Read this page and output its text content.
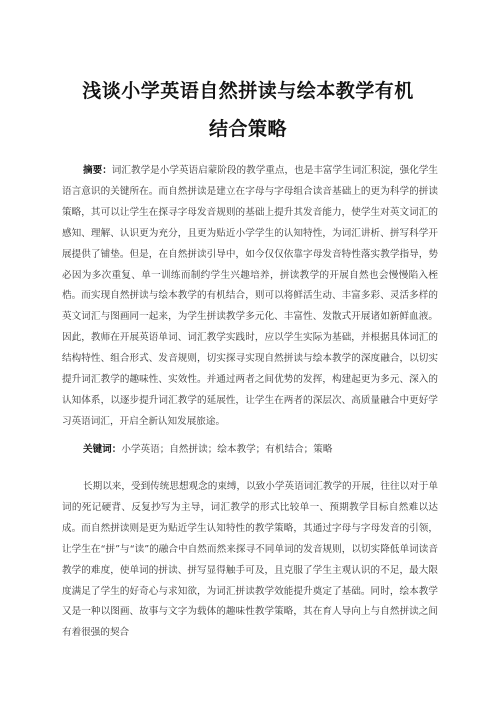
浅谈小学英语自然拼读与绘本教学有机
结合策略

摘要：词汇教学是小学英语启蒙阶段的教学重点，也是丰富学生词汇积淀，强化学生语言意识的关键所在。而自然拼读是建立在字母与字母组合读音基础上的更为科学的拼读策略，其可以让学生在探寻字母发音规则的基础上提升其发音能力，使学生对英文词汇的感知、理解、认识更为充分，且更为贴近小学学生的认知特性，为词汇讲析、拼写科学开展提供了铺垫。但是，在自然拼读引导中，如今仅仅依靠字母发音特性落实教学指导，势必因为多次重复、单一训练而制约学生兴趣培养，拼读教学的开展自然也会慢慢陷入桎梏。而实现自然拼读与绘本教学的有机结合，则可以将鲜活生动、丰富多彩、灵活多样的英文词汇与图画同一起来，为学生拼读教学多元化、丰富性、发散式开展诸如新鲜血液。因此，教师在开展英语单词、词汇教学实践时，应以学生实际为基础，并根据具体词汇的结构特性、组合形式、发音规则，切实探寻实现自然拼读与绘本教学的深度融合，以切实提升词汇教学的趣味性、实效性。并通过两者之间优势的发挥，构建起更为多元、深入的认知体系，以逐步提升词汇教学的延展性，让学生在两者的深层次、高质量融合中更好学习英语词汇，开启全新认知发展旅途。

关键词：小学英语；自然拼读；绘本教学；有机结合；策略

长期以来，受到传统思想观念的束缚，以致小学英语词汇教学的开展，往往以对于单词的死记硬背、反复抄写为主导，词汇教学的形式比较单一、预期教学目标自然难以达成。而自然拼读则是更为贴近学生认知特性的教学策略，其通过字母与字母发音的引领，让学生在“拼”与“读”的融合中自然而然来探寻不同单词的发音规则，以切实降低单词读音教学的难度，使单词的拼读、拼写显得触手可及，且克服了学生主观认识的不足，最大限度满足了学生的好奇心与求知欲，为词汇拼读教学效能提升奠定了基础。同时，绘本教学又是一种以图画、故事与文字为载体的趣味性教学策略，其在育人导向上与自然拼读之间有着很强的契合
